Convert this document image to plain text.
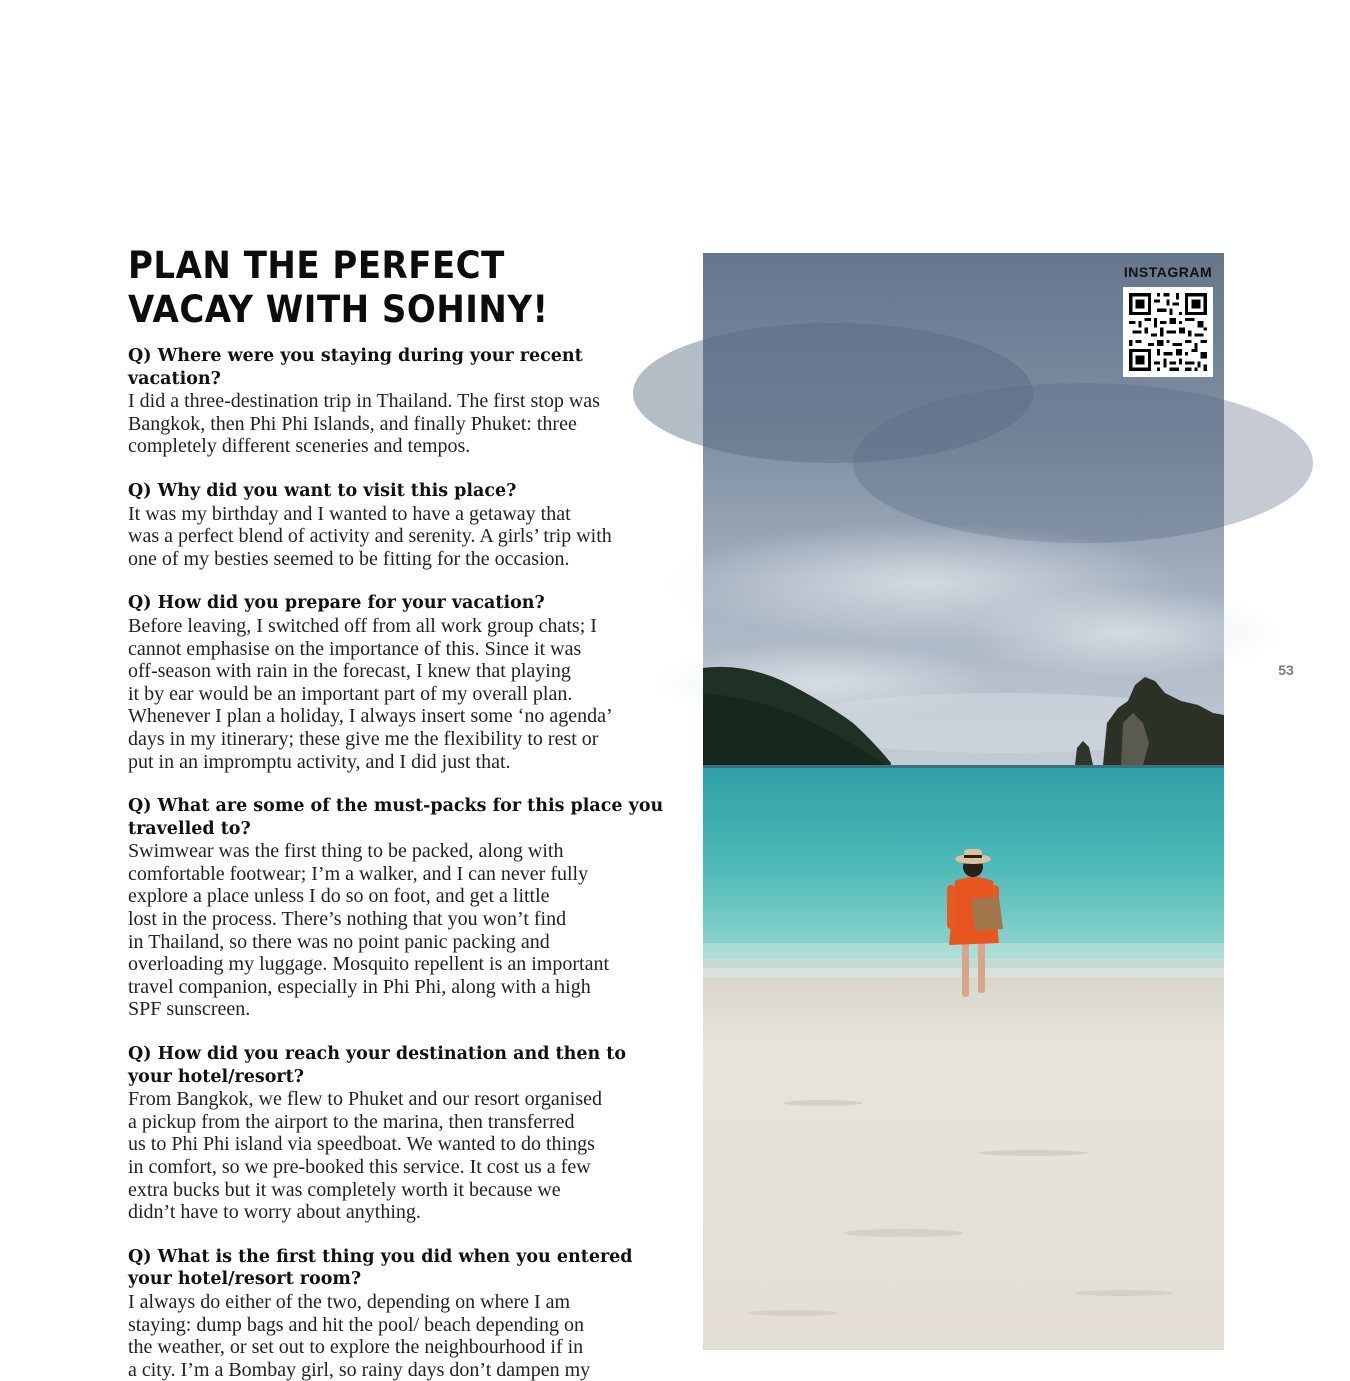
PLAN THE PERFECT
VACAY WITH SOHINY!

Q) Where were you staying during your recent vacation?

I did a three-destination trip in Thailand. The first stop was
Bangkok, then Phi Phi Islands, and finally Phuket: three
completely different sceneries and tempos.

Q) Why did you want to visit this place?

It was my birthday and I wanted to have a getaway that
was a perfect blend of activity and serenity. A girls’ trip with
one of my besties seemed to be fitting for the occasion.

Q) How did you prepare for your vacation?

Before leaving, I switched off from all work group chats; I
cannot emphasise on the importance of this. Since it was
off-season with rain in the forecast, I knew that playing
it by ear would be an important part of my overall plan.
Whenever I plan a holiday, I always insert some ‘no agenda’
days in my itinerary; these give me the flexibility to rest or
put in an impromptu activity, and I did just that.

Q) What are some of the must-packs for this place you travelled to?

Swimwear was the first thing to be packed, along with
comfortable footwear; I’m a walker, and I can never fully
explore a place unless I do so on foot, and get a little
lost in the process. There’s nothing that you won’t find
in Thailand, so there was no point panic packing and
overloading my luggage. Mosquito repellent is an important
travel companion, especially in Phi Phi, along with a high
SPF sunscreen.

Q) How did you reach your destination and then to your hotel/resort?

From Bangkok, we flew to Phuket and our resort organised
a pickup from the airport to the marina, then transferred
us to Phi Phi island via speedboat. We wanted to do things
in comfort, so we pre-booked this service. It cost us a few
extra bucks but it was completely worth it because we
didn’t have to worry about anything.

Q) What is the first thing you did when you entered your hotel/resort room?

I always do either of the two, depending on where I am
staying: dump bags and hit the pool/ beach depending on
the weather, or set out to explore the neighbourhood if in
a city. I’m a Bombay girl, so rainy days don’t dampen my

INSTAGRAM
53
